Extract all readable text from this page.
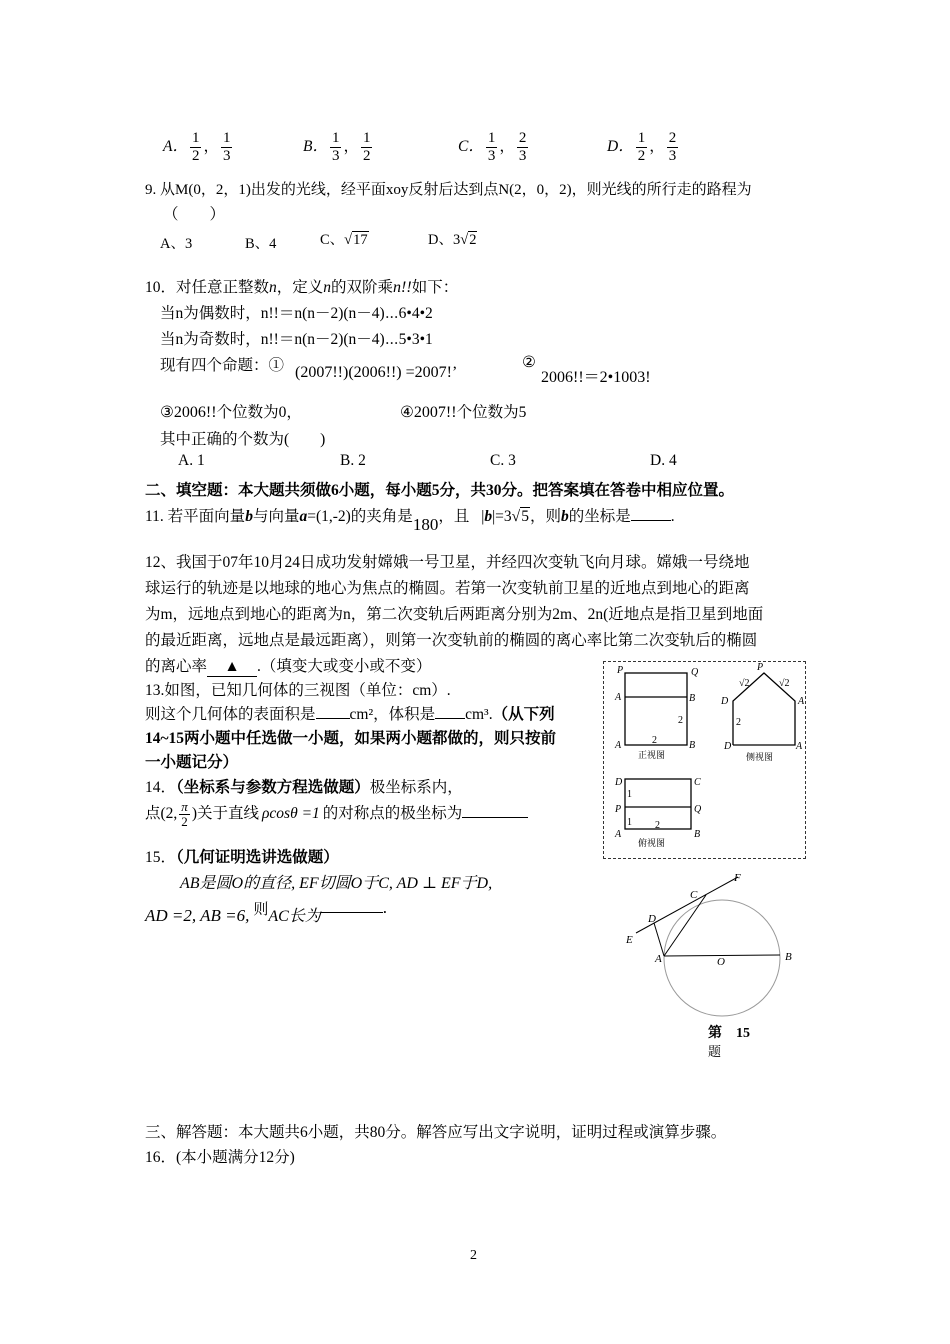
A． $\frac{1}{2}$ ， $\frac{1}{3}$	B． $\frac{1}{3}$ ， $\frac{1}{2}$	C． $\frac{1}{3}$ ， $\frac{2}{3}$	D． $\frac{1}{2}$ ， $\frac{2}{3}$
9. 从M(0，2，1)出发的光线，经平面xoy反射后达到点N(2，0，2)，则光线的所行走的路程为
（　　）
A、3	B、4	C、√17	D、3√2
10．对任意正整数n，定义n的双阶乘n!!如下：
当n为偶数时，n!!＝n(n－2)(n－4)⋯6•4•2
当n为奇数时，n!!＝n(n－2)(n－4)⋯5•3•1
现有四个命题：① (2007!!)(2006!!) =2007!’
②
2006!!＝2•1003!
③2006!!个位数为0，	④2007!!个位数为5
其中正确的个数为(　　)
A. 1	B. 2	C. 3	D. 4
二、填空题：本大题共须做6小题，每小题5分，共30分。把答案填在答卷中相应位置。
11. 若平面向量b与向量a=(1,-2)的夹角是180，且 |b|=3√5，则b的坐标是	.
12、我国于07年10月24日成功发射嫦娥一号卫星，并经四次变轨飞向月球。嫦娥一号绕地
球运行的轨迹是以地球的地心为焦点的椭圆。若第一次变轨前卫星的近地点到地心的距离
为m，远地点到地心的距离为n，第二次变轨后两距离分别为2m、2n(近地点是指卫星到地面
的最近距离，远地点是最远距离），则第一次变轨前的椭圆的离心率比第二次变轨后的椭圆
的离心率 ▲ .（填变大或变小或不变）
13.如图，已知几何体的三视图（单位：cm）.
则这个几何体的表面积是 cm²，体积是 cm³.（从下列
14~15两小题中任选做一小题，如果两小题都做的，则只按前
一小题记分）
14．（坐标系与参数方程选做题）极坐标系内，
点(2, $\frac{\pi}{2}$ )关于直线 ρcosθ =1 的对称点的极坐标为
15．（几何证明选讲选做题）
AB是圆O的直径, EF切圆O于C, AD ⊥ EF于D,
AD =2, AB =6, 则AC长为	.
P	Q
A	B
A	B
P
D	A
D	A
D	C
P	Q
A	B
2
2
√2	√2
2
1
1 2
正视图	侧视图
俯视图
F
C
D
E
A	O	B
第　15
题
三、解答题：本大题共6小题，共80分。解答应写出文字说明，证明过程或演算步骤。
16．(本小题满分12分)
2
